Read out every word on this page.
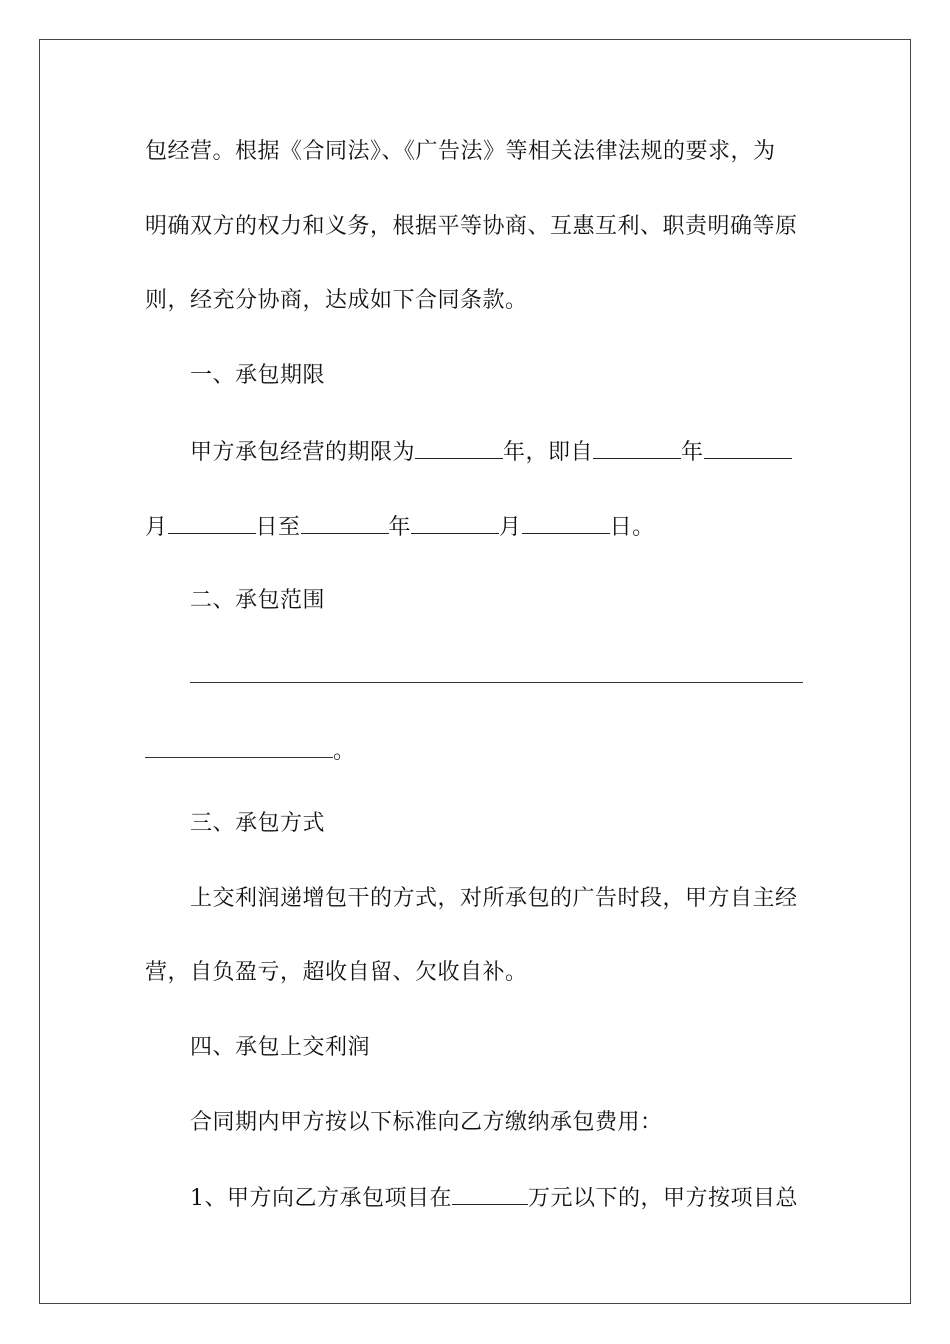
包经营。根据《合同法》、《广告法》等相关法律法规的要求，为
明确双方的权力和义务，根据平等协商、互惠互利、职责明确等原
则，经充分协商，达成如下合同条款。
一、承包期限
甲方承包经营的期限为	年，即自	年
月	日至	年	月	日。
二、承包范围
。
三、承包方式
上交利润递增包干的方式，对所承包的广告时段，甲方自主经
营，自负盈亏，超收自留、欠收自补。
四、承包上交利润
合同期内甲方按以下标准向乙方缴纳承包费用：
1、甲方向乙方承包项目在	万元以下的，甲方按项目总
